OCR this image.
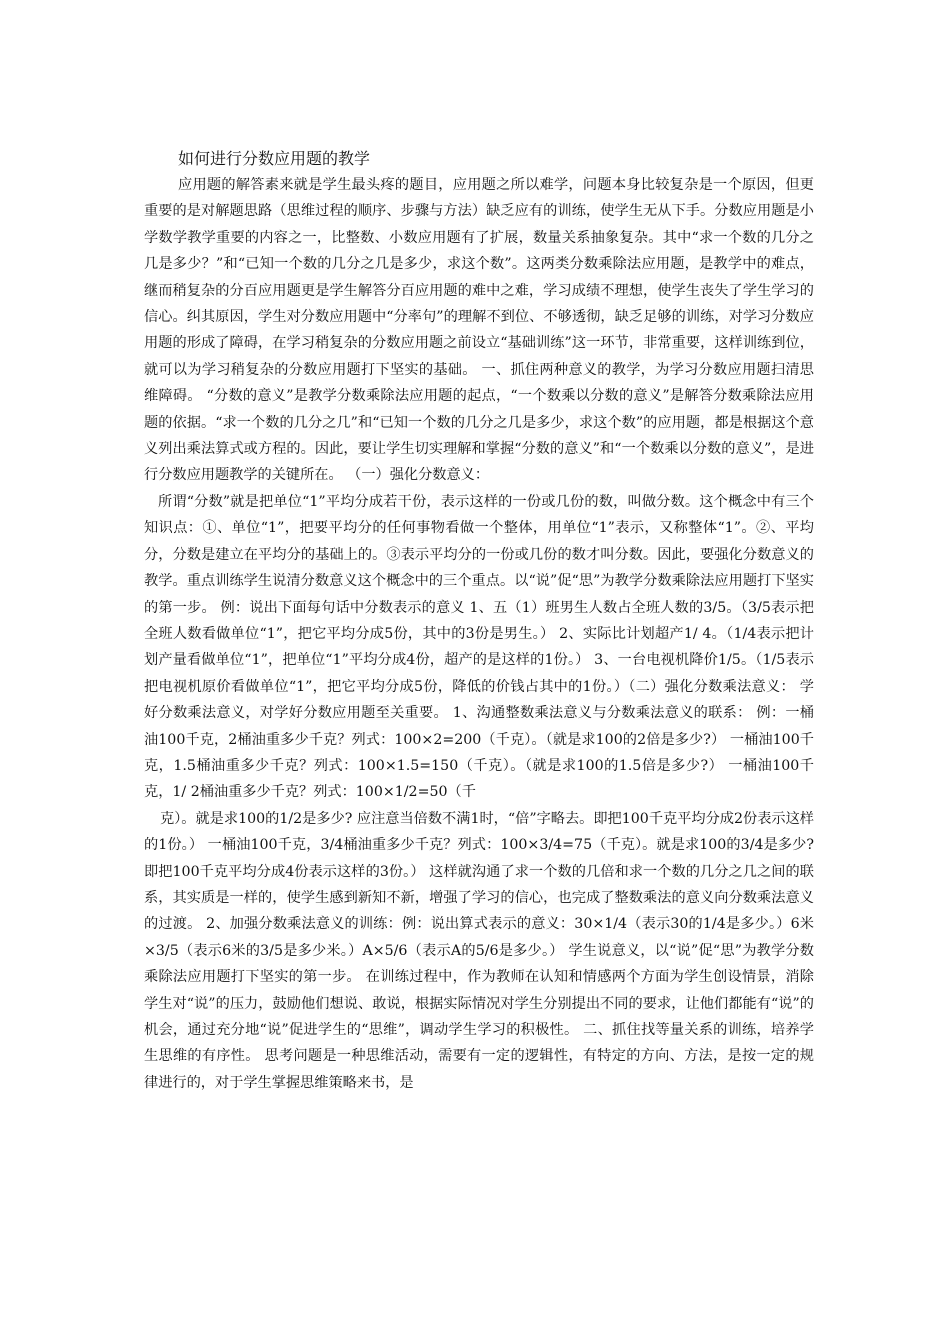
如何进行分数应用题的教学

应用题的解答素来就是学生最头疼的题目，应用题之所以难学，问题本身比较复杂是一个原因，但更重要的是对解题思路（思维过程的顺序、步骤与方法）缺乏应有的训练，使学生无从下手。分数应用题是小学数学教学重要的内容之一，比整数、小数应用题有了扩展，数量关系抽象复杂。其中“求一个数的几分之几是多少？”和“已知一个数的几分之几是多少，求这个数”。这两类分数乘除法应用题，是教学中的难点，继而稍复杂的分百应用题更是学生解答分百应用题的难中之难，学习成绩不理想，使学生丧失了学生学习的信心。纠其原因，学生对分数应用题中“分率句”的理解不到位、不够透彻，缺乏足够的训练，对学习分数应用题的形成了障碍，在学习稍复杂的分数应用题之前设立“基础训练”这一环节，非常重要，这样训练到位，就可以为学习稍复杂的分数应用题打下坚实的基础。 一、抓住两种意义的教学，为学习分数应用题扫清思维障碍。 “分数的意义”是教学分数乘除法应用题的起点，“一个数乘以分数的意义”是解答分数乘除法应用题的依据。“求一个数的几分之几”和“已知一个数的几分之几是多少，求这个数”的应用题，都是根据这个意义列出乘法算式或方程的。因此，要让学生切实理解和掌握“分数的意义”和“一个数乘以分数的意义”，是进行分数应用题教学的关键所在。 （一）强化分数意义：

所谓“分数”就是把单位“1”平均分成若干份，表示这样的一份或几份的数，叫做分数。这个概念中有三个知识点：①、单位“1”，把要平均分的任何事物看做一个整体，用单位“1”表示，又称整体“1”。②、平均分，分数是建立在平均分的基础上的。③表示平均分的一份或几份的数才叫分数。因此，要强化分数意义的教学。重点训练学生说清分数意义这个概念中的三个重点。以“说”促“思”为教学分数乘除法应用题打下坚实的第一步。 例：说出下面每句话中分数表示的意义 1、五（1）班男生人数占全班人数的3/5。（3/5表示把全班人数看做单位“1”，把它平均分成5份，其中的3份是男生。） 2、实际比计划超产1/ 4。（1/4表示把计划产量看做单位“1”，把单位“1”平均分成4份，超产的是这样的1份。） 3、一台电视机降价1/5。（1/5表示把电视机原价看做单位“1”，把它平均分成5份，降低的价钱占其中的1份。）（二）强化分数乘法意义： 学好分数乘法意义，对学好分数应用题至关重要。 1、沟通整数乘法意义与分数乘法意义的联系： 例：一桶油100千克，2桶油重多少千克？列式：100×2=200（千克）。（就是求100的2倍是多少?） 一桶油100千克，1.5桶油重多少千克？列式：100×1.5=150（千克）。（就是求100的1.5倍是多少?） 一桶油100千克，1/ 2桶油重多少千克？列式：100×1/2=50（千

克）。就是求100的1/2是多少? 应注意当倍数不满1时，“倍”字略去。即把100千克平均分成2份表示这样的1份。） 一桶油100千克，3/4桶油重多少千克？列式：100×3/4=75（千克）。就是求100的3/4是多少? 即把100千克平均分成4份表示这样的3份。） 这样就沟通了求一个数的几倍和求一个数的几分之几之间的联系，其实质是一样的，使学生感到新知不新，增强了学习的信心，也完成了整数乘法的意义向分数乘法意义的过渡。 2、加强分数乘法意义的训练：例：说出算式表示的意义：30×1/4（表示30的1/4是多少。）6米×3/5（表示6米的3/5是多少米。）A×5/6（表示A的5/6是多少。） 学生说意义，以“说”促“思”为教学分数乘除法应用题打下坚实的第一步。 在训练过程中，作为教师在认知和情感两个方面为学生创设情景，消除学生对“说”的压力，鼓励他们想说、敢说，根据实际情况对学生分别提出不同的要求，让他们都能有“说”的机会，通过充分地“说”促进学生的“思维”，调动学生学习的积极性。 二、抓住找等量关系的训练，培养学生思维的有序性。 思考问题是一种思维活动，需要有一定的逻辑性，有特定的方向、方法，是按一定的规律进行的，对于学生掌握思维策略来书，是
